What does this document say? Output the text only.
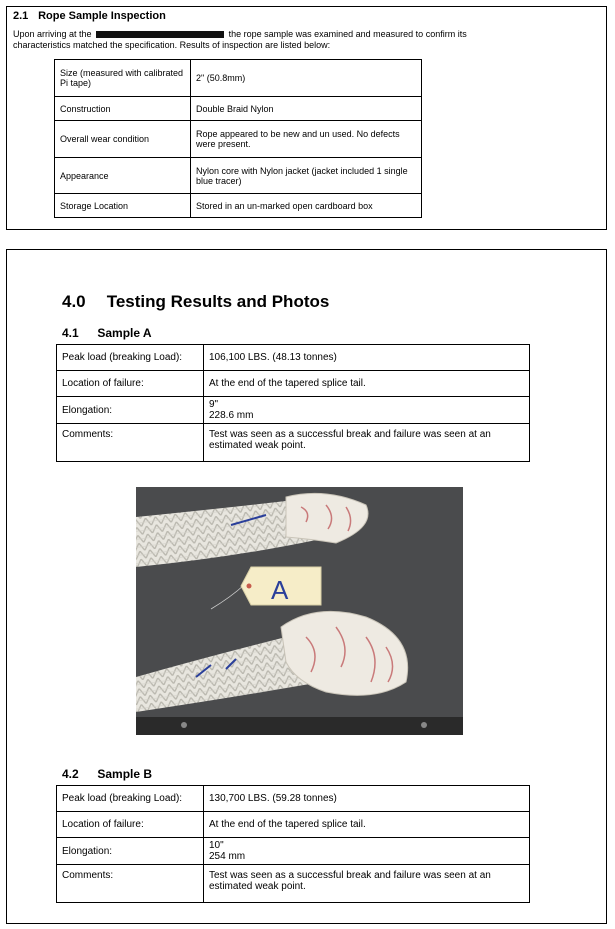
2.1 Rope Sample Inspection
Upon arriving at the	the rope sample was examined and measured to confirm its characteristics matched the specification. Results of inspection are listed below:
Size (measured with calibrated Pi tape)	2" (50.8mm)
Construction	Double Braid Nylon
Overall wear condition	Rope appeared to be new and un used. No defects were present.
Appearance	Nylon core with Nylon jacket (jacket included 1 single blue tracer)
Storage Location	Stored in an un-marked open cardboard box
4.0 Testing Results and Photos
4.1 Sample A
Peak load (breaking Load):	106,100 LBS. (48.13 tonnes)
Location of failure:	At the end of the tapered splice tail.
Elongation:	9"
228.6 mm

Comments:	Test was seen as a successful break and failure was seen at an estimated weak point.
A
4.2 Sample B
Peak load (breaking Load):	130,700 LBS. (59.28 tonnes)
Location of failure:	At the end of the tapered splice tail.
Elongation:	10"
254 mm

Comments:	Test was seen as a successful break and failure was seen at an estimated weak point.
